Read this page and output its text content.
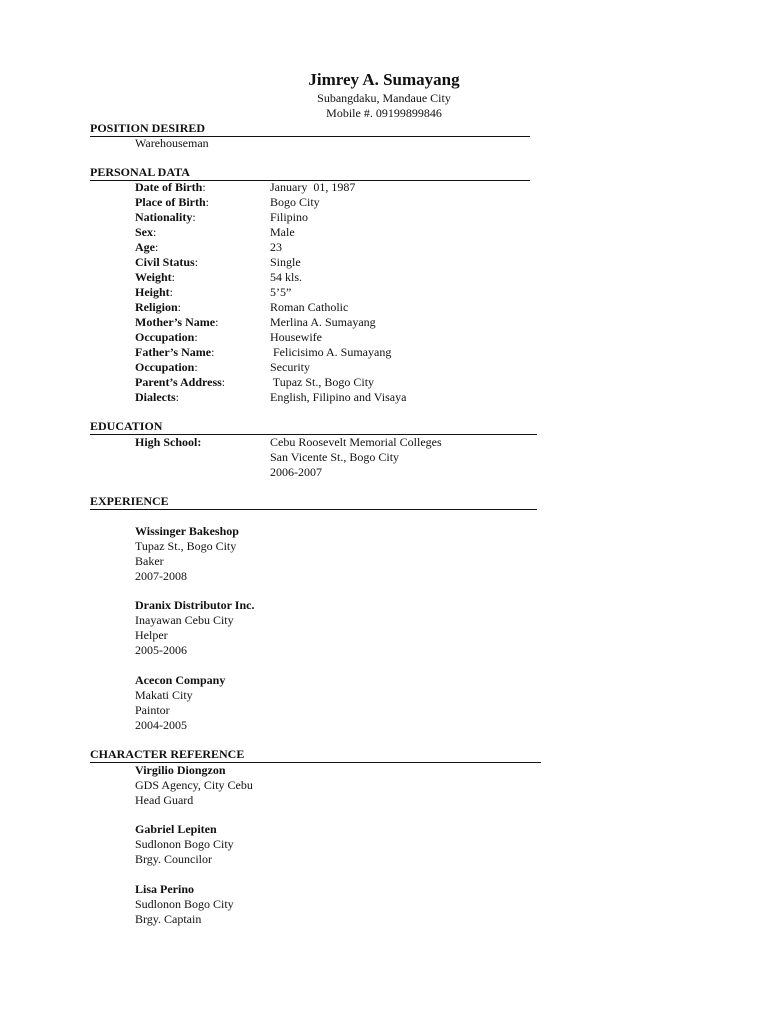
Jimrey A. Sumayang
Subangdaku, Mandaue City
Mobile #. 09199899846
POSITION DESIRED
Warehouseman
PERSONAL DATA
EDUCATION
High School:	Cebu Roosevelt Memorial Colleges
San Vicente St., Bogo City
2006-2007
EXPERIENCE
CHARACTER REFERENCE
Date of Birth:	January  01, 1987
Place of Birth:	Bogo City
Nationality:	Filipino
Sex:	Male
Age:	23
Civil Status:	Single
Weight:	54 kls.
Height:	5’5”
Religion:	Roman Catholic
Mother’s Name:	Merlina A. Sumayang
Occupation:	Housewife
Father’s Name:	Felicisimo A. Sumayang
Occupation:	Security
Parent’s Address:	Tupaz St., Bogo City
Dialects:	English, Filipino and Visaya
Wissinger Bakeshop
Tupaz St., Bogo City
Baker
2007-2008
Dranix Distributor Inc.
Inayawan Cebu City
Helper
2005-2006
Acecon Company
Makati City
Paintor
2004-2005
Virgilio Diongzon
GDS Agency, City Cebu
Head Guard
Gabriel Lepiten
Sudlonon Bogo City
Brgy. Councilor
Lisa Perino
Sudlonon Bogo City
Brgy. Captain
